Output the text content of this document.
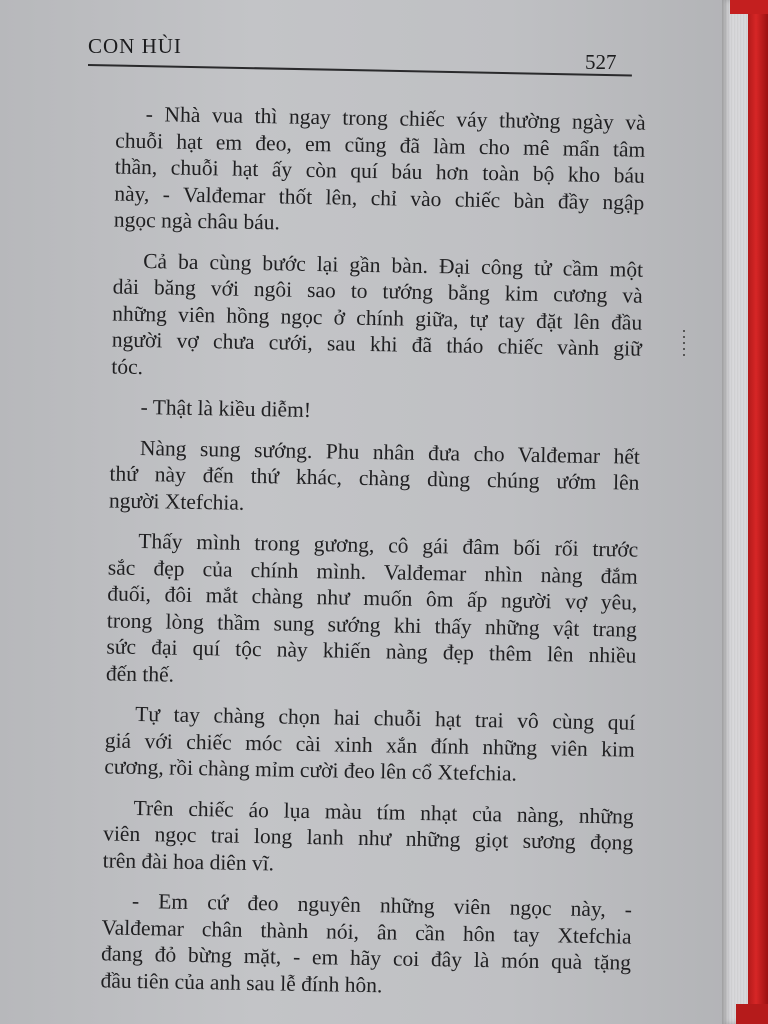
CON HÙI
527
- Nhà vua thì ngay trong chiếc váy thường ngày và
chuỗi hạt em đeo, em cũng đã làm cho mê mẩn tâm
thần, chuỗi hạt ấy còn quí báu hơn toàn bộ kho báu
này, - Valđemar thốt lên, chỉ vào chiếc bàn đầy ngập
ngọc ngà châu báu.
Cả ba cùng bước lại gần bàn. Đại công tử cầm một
dải băng với ngôi sao to tướng bằng kim cương và
những viên hồng ngọc ở chính giữa, tự tay đặt lên đầu
người vợ chưa cưới, sau khi đã tháo chiếc vành giữ
tóc.
- Thật là kiều diễm!
Nàng sung sướng. Phu nhân đưa cho Valđemar hết
thứ này đến thứ khác, chàng dùng chúng ướm lên
người Xtefchia.
Thấy mình trong gương, cô gái đâm bối rối trước
sắc đẹp của chính mình. Valđemar nhìn nàng đắm
đuối, đôi mắt chàng như muốn ôm ấp người vợ yêu,
trong lòng thầm sung sướng khi thấy những vật trang
sức đại quí tộc này khiến nàng đẹp thêm lên nhiều
đến thế.
Tự tay chàng chọn hai chuỗi hạt trai vô cùng quí
giá với chiếc móc cài xinh xắn đính những viên kim
cương, rồi chàng mỉm cười đeo lên cổ Xtefchia.
Trên chiếc áo lụa màu tím nhạt của nàng, những
viên ngọc trai long lanh như những giọt sương đọng
trên đài hoa diên vĩ.
- Em cứ đeo nguyên những viên ngọc này, -
Valđemar chân thành nói, ân cần hôn tay Xtefchia
đang đỏ bừng mặt, - em hãy coi đây là món quà tặng
đầu tiên của anh sau lễ đính hôn.
